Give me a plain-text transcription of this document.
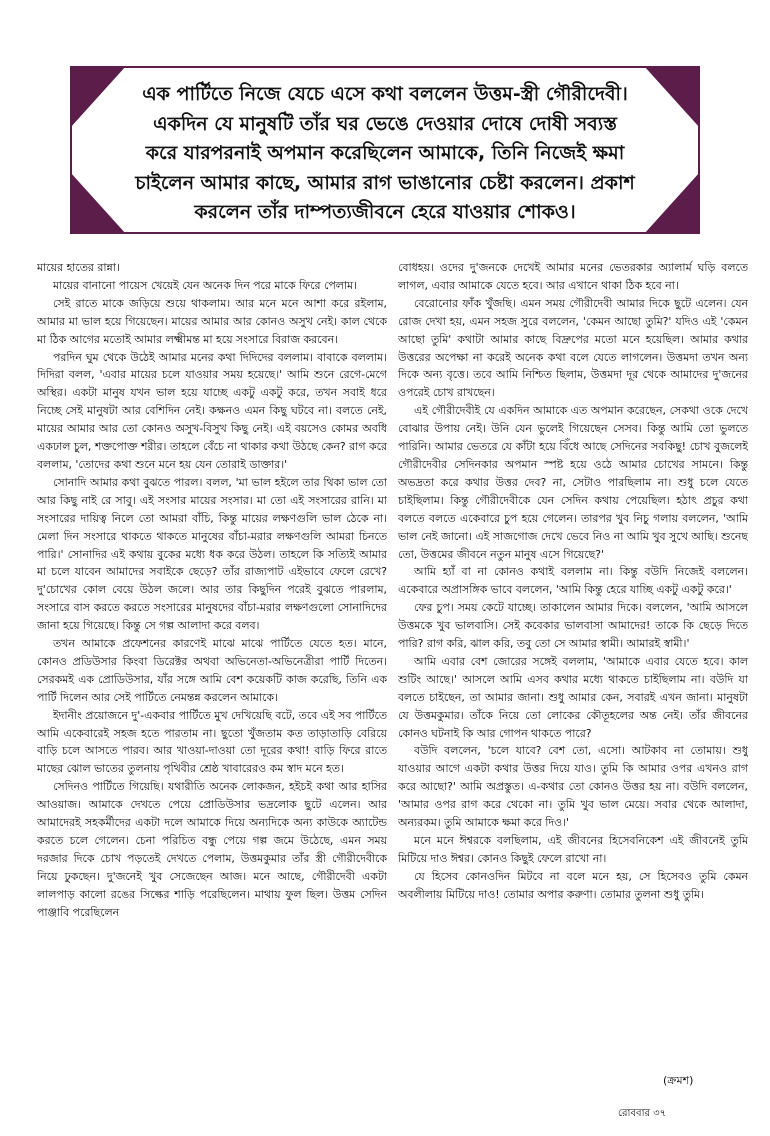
এক পার্টিতে নিজে যেচে এসে কথা বললেন উত্তম-স্ত্রী গৌরীদেবী।
একদিন যে মানুষটি তাঁর ঘর ভেঙে দেওয়ার দোষে দোষী সব্যস্ত
করে যারপরনাই অপমান করেছিলেন আমাকে, তিনি নিজেই ক্ষমা
চাইলেন আমার কাছে, আমার রাগ ভাঙানোর চেষ্টা করলেন। প্রকাশ
করলেন তাঁর দাম্পত্যজীবনে হেরে যাওয়ার শোকও।

মায়ের হাতের রান্না।

মায়ের বানানো পায়েস খেয়েই যেন অনেক দিন পরে মাকে ফিরে পেলাম।

সেই রাতে মাকে জড়িয়ে শুয়ে থাকলাম। আর মনে মনে আশা করে রইলাম, আমার মা ভাল হয়ে গিয়েছেন। মায়ের আমার আর কোনও অসুখ নেই। কাল থেকে মা ঠিক আগের মতোই আমার লক্ষ্মীমন্ত মা হয়ে সংসারে বিরাজ করবেন।

পরদিন ঘুম থেকে উঠেই আমার মনের কথা দিদিদের বললাম। বাবাকে বললাম। দিদিরা বলল, 'এবার মায়ের চলে যাওয়ার সময় হয়েছে।' আমি শুনে রেগে-মেগে অস্থির। একটা মানুষ যখন ভাল হয়ে যাচ্ছে একটু একটু করে, তখন সবাই ধরে নিচ্ছে সেই মানুষটা আর বেশিদিন নেই। কক্ষনও এমন কিছু ঘটবে না। বলতে নেই, মায়ের আমার আর তো কোনও অসুখ-বিসুখ কিছু নেই। এই বয়সেও কোমর অবধি একঢাল চুল, শক্তপোক্ত শরীর। তাহলে বেঁচে না থাকার কথা উঠছে কেন? রাগ করে বললাম, 'তোদের কথা শুনে মনে হয় যেন তোরাই ডাক্তার।'

সোনাদি আমার কথা বুঝতে পারল। বলল, 'মা ভাল হইলে তার থিকা ভাল তো আর কিছু নাই রে সাবু। এই সংসার মায়ের সংসার। মা তো এই সংসারের রানি। মা সংসারের দায়িত্ব নিলে তো আমরা বাঁচি, কিন্তু মায়ের লক্ষণগুলি ভাল ঠেকে না। মেলা দিন সংসারে থাকতে থাকতে মানুষের বাঁচা-মরার লক্ষণগুলি আমরা চিনতে পারি।' সোনাদির এই কথায় বুকের মধ্যে ধক করে উঠল। তাহলে কি সত্যিই আমার মা চলে যাবেন আমাদের সবাইকে ছেড়ে? তাঁর রাজ্যপাট এইভাবে ফেলে রেখে? দু'চোখের কোল বেয়ে উঠল জলে। আর তার কিছুদিন পরেই বুঝতে পারলাম, সংসারে বাস করতে করতে সংসারের মানুষদের বাঁচা-মরার লক্ষণগুলো সোনাদিদের জানা হয়ে গিয়েছে। কিন্তু সে গল্প আলাদা করে বলব।

তখন আমাকে প্রফেশনের কারণেই মাঝে মাঝে পার্টিতে যেতে হত। মানে, কোনও প্রডিউসার কিংবা ডিরেক্টর অথবা অভিনেতা-অভিনেত্রীরা পার্টি দিতেন। সেরকমই এক প্রোডিউসার, যাঁর সঙ্গে আমি বেশ কয়েকটি কাজ করেছি, তিনি এক পার্টি দিলেন আর সেই পার্টিতে নেমন্তন্ন করলেন আমাকে।

ইদানীং প্রয়োজনে দু'-একবার পার্টিতে মুখ দেখিয়েছি বটে, তবে এই সব পার্টিতে আমি একেবারেই সহজ হতে পারতাম না। ছুতো খুঁজতাম কত তাড়াতাড়ি বেরিয়ে বাড়ি চলে আসতে পারব। আর খাওয়া-দাওয়া তো দূরের কথা! বাড়ি ফিরে রাতে মাছের ঝোল ভাতের তুলনায় পৃথিবীর শ্রেষ্ঠ খাবারেরও কম স্বাদ মনে হত।

সেদিনও পার্টিতে গিয়েছি। যথারীতি অনেক লোকজন, হইচই কথা আর হাসির আওয়াজ। আমাকে দেখতে পেয়ে প্রোডিউসার ভদ্রলোক ছুটে এলেন। আর আমাদেরই সহকর্মীদের একটা দলে আমাকে দিয়ে অন্যদিকে অন্য কাউকে অ্যাটেন্ড করতে চলে গেলেন। চেনা পরিচিত বন্ধু পেয়ে গল্প জমে উঠেছে, এমন সময় দরজার দিকে চোখ পড়তেই দেখতে পেলাম, উত্তমকুমার তাঁর স্ত্রী গৌরীদেবীকে নিয়ে ঢুকছেন। দু'জনেই খুব সেজেছেন আজ। মনে আছে, গৌরীদেবী একটা লালপাড় কালো রঙের সিল্কের শাড়ি পরেছিলেন। মাথায় ফুল ছিল। উত্তম সেদিন পাঞ্জাবি পরেছিলেন

বোধহয়। ওদের দু'জনকে দেখেই আমার মনের ভেতরকার অ্যালার্ম ঘড়ি বলতে লাগল, এবার আমাকে যেতে হবে। আর এখানে থাকা ঠিক হবে না।

বেরোনোর ফাঁক খুঁজছি। এমন সময় গৌরীদেবী আমার দিকে ছুটে এলেন। যেন রোজ দেখা হয়, এমন সহজ সুরে বললেন, 'কেমন আছো তুমি?' যদিও এই 'কেমন আছো তুমি' কথাটা আমার কাছে বিদ্রুপের মতো মনে হয়েছিল। আমার কথার উত্তরের অপেক্ষা না করেই অনেক কথা বলে যেতে লাগলেন। উত্তমদা তখন অন্য দিকে অন্য বৃত্তে। তবে আমি নিশ্চিত ছিলাম, উত্তমদা দূর থেকে আমাদের দু'জনের ওপরেই চোখ রাখছেন।

এই গৌরীদেবীই যে একদিন আমাকে এত অপমান করেছেন, সেকথা ওকে দেখে বোঝার উপায় নেই। উনি যেন ভুলেই গিয়েছেন সেসব। কিন্তু আমি তো ভুলতে পারিনি। আমার ভেতরে যে কাঁটা হয়ে বিঁধে আছে সেদিনের সবকিছু! চোখ বুজলেই গৌরীদেবীর সেদিনকার অপমান স্পষ্ট হয়ে ওঠে আমার চোখের সামনে। কিন্তু অভদ্রতা করে কথার উত্তর দেব? না, সেটাও পারছিলাম না। শুধু চলে যেতে চাইছিলাম। কিন্তু গৌরীদেবীকে যেন সেদিন কথায় পেয়েছিল। হঠাৎ প্রচুর কথা বলতে বলতে একেবারে চুপ হয়ে গেলেন। তারপর খুব নিচু গলায় বললেন, 'আমি ভাল নেই জানো। এই সাজগোজ দেখে ভেবে নিও না আমি খুব সুখে আছি। শুনেছ তো, উত্তমের জীবনে নতুন মানুষ এসে গিয়েছে?'

আমি হ্যাঁ বা না কোনও কথাই বললাম না। কিন্তু বউদি নিজেই বললেন। একেবারে অপ্রাসঙ্গিক ভাবে বললেন, 'আমি কিন্তু হেরে যাচ্ছি একটু একটু করে।'

ফের চুপ। সময় কেটে যাচ্ছে। তাকালেন আমার দিকে। বললেন, 'আমি আসলে উত্তমকে খুব ভালবাসি। সেই কবেকার ভালবাসা আমাদের! তাকে কি ছেড়ে দিতে পারি? রাগ করি, ঝাল করি, তবু তো সে আমার স্বামী। আমারই স্বামী।'

আমি এবার বেশ জোরের সঙ্গেই বললাম, 'আমাকে এবার যেতে হবে। কাল শুটিং আছে।' আসলে আমি এসব কথার মধ্যে থাকতে চাইছিলাম না। বউদি যা বলতে চাইছেন, তা আমার জানা। শুধু আমার কেন, সবারই এখন জানা। মানুষটা যে উত্তমকুমার। তাঁকে নিয়ে তো লোকের কৌতূহলের অন্ত নেই। তাঁর জীবনের কোনও ঘটনাই কি আর গোপন থাকতে পারে?

বউদি বললেন, 'চলে যাবে? বেশ তো, এসো। আটকাব না তোমায়। শুধু যাওয়ার আগে একটা কথার উত্তর দিয়ে যাও। তুমি কি আমার ওপর এখনও রাগ করে আছো?' আমি অপ্রস্তুত। এ-কথার তো কোনও উত্তর হয় না। বউদি বললেন, 'আমার ওপর রাগ করে থেকো না। তুমি খুব ভাল মেয়ে। সবার থেকে আলাদা, অন্যরকম। তুমি আমাকে ক্ষমা করে দিও।'

মনে মনে ঈশ্বরকে বলছিলাম, এই জীবনের হিসেবনিকেশ এই জীবনেই তুমি মিটিয়ে দাও ঈশ্বর। কোনও কিছুই ফেলে রাখো না।

যে হিসেব কোনওদিন মিটবে না বলে মনে হয়, সে হিসেবও তুমি কেমন অবলীলায় মিটিয়ে দাও! তোমার অপার করুণা। তোমার তুলনা শুধু তুমি।

(ক্রমশ)
রোববার ৩৭
